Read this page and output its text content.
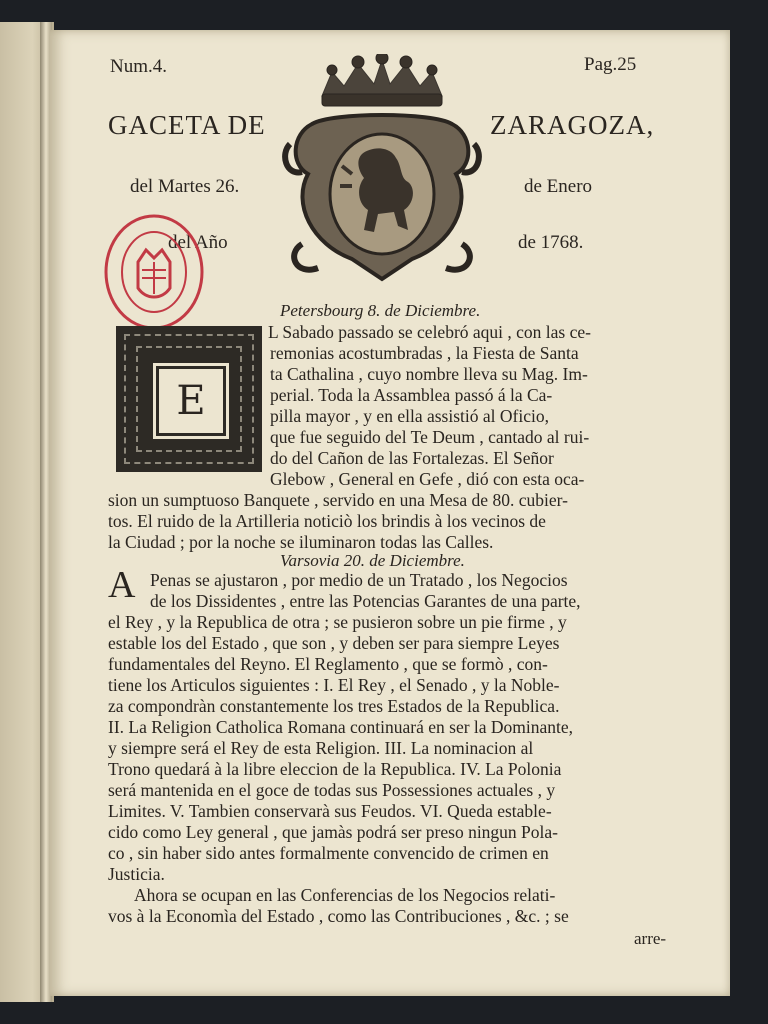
Num.4.	Pag.25
GACETA DE	ZARAGOZA,
del Martes 26.	de Enero
del Año	de 1768.
E
Petersbourg 8. de Diciembre.
L Sabado passado se celebró aqui , con las ce-
remonias acostumbradas , la Fiesta de Santa
ta Cathalina , cuyo nombre lleva su Mag. Im-
perial. Toda la Assamblea passó á la Ca-
pilla mayor , y en ella assistió al Oficio,
que fue seguido del Te Deum , cantado al rui-
do del Cañon de las Fortalezas. El Señor
Glebow , General en Gefe , dió con esta oca-
sion un sumptuoso Banquete , servido en una Mesa de 80. cubier-
tos. El ruido de la Artilleria noticiò los brindis à los vecinos de
la Ciudad ; por la noche se iluminaron todas las Calles.
Varsovia 20. de Diciembre.
A Penas se ajustaron , por medio de un Tratado , los Negocios
de los Dissidentes , entre las Potencias Garantes de una parte,
el Rey , y la Republica de otra ; se pusieron sobre un pie firme , y
estable los del Estado , que son , y deben ser para siempre Leyes
fundamentales del Reyno. El Reglamento , que se formò , con-
tiene los Articulos siguientes : I. El Rey , el Senado , y la Noble-
za compondràn constantemente los tres Estados de la Republica.
II. La Religion Catholica Romana continuará en ser la Dominante,
y siempre será el Rey de esta Religion. III. La nominacion al
Trono quedará à la libre eleccion de la Republica. IV. La Polonia
será mantenida en el goce de todas sus Possessiones actuales , y
Limites. V. Tambien conservarà sus Feudos. VI. Queda estable-
cido como Ley general , que jamàs podrá ser preso ningun Pola-
co , sin haber sido antes formalmente convencido de crimen en
Justicia.
Ahora se ocupan en las Conferencias de los Negocios relati-
vos à la Economìa del Estado , como las Contribuciones , &c. ; se
arre-
